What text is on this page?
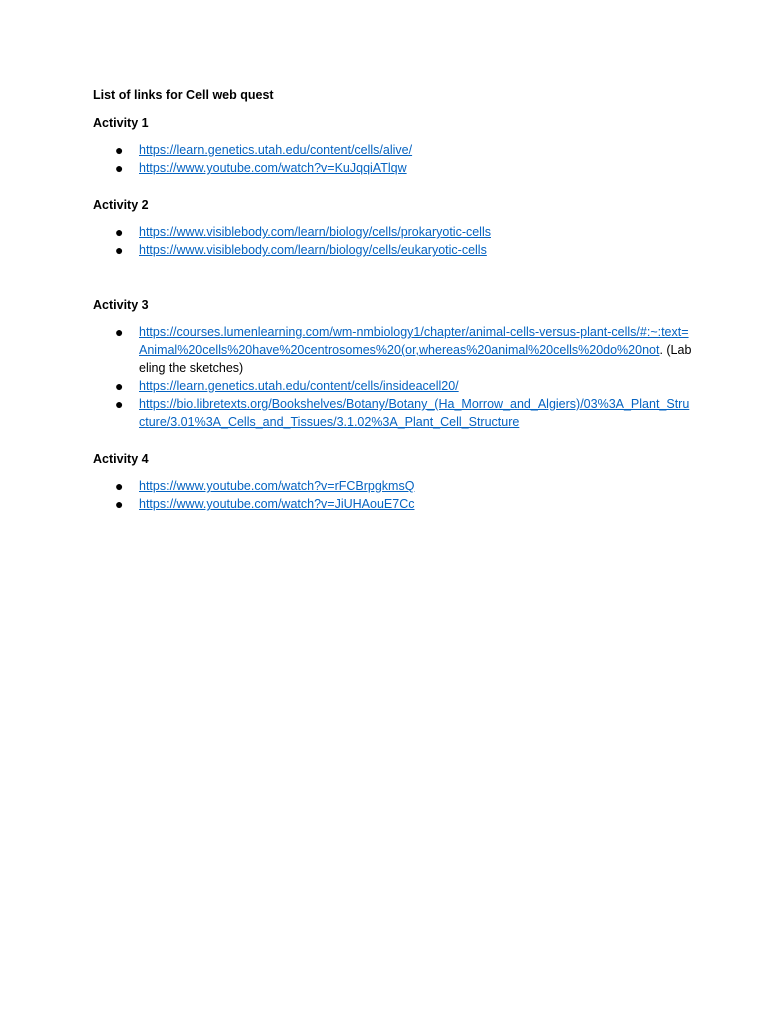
List of links for Cell web quest

Activity 1

● https://learn.genetics.utah.edu/content/cells/alive/
● https://www.youtube.com/watch?v=KuJqqiATlqw

Activity 2

● https://www.visiblebody.com/learn/biology/cells/prokaryotic-cells
● https://www.visiblebody.com/learn/biology/cells/eukaryotic-cells

Activity 3

● https://courses.lumenlearning.com/wm-nmbiology1/chapter/animal-cells-versus-plant-cells/#:~:text=Animal%20cells%20have%20centrosomes%20(or,whereas%20animal%20cells%20do%20not. (Labeling the sketches)
● https://learn.genetics.utah.edu/content/cells/insideacell20/
● https://bio.libretexts.org/Bookshelves/Botany/Botany_(Ha_Morrow_and_Algiers)/03%3A_Plant_Structure/3.01%3A_Cells_and_Tissues/3.1.02%3A_Plant_Cell_Structure

Activity 4

● https://www.youtube.com/watch?v=rFCBrpgkmsQ
● https://www.youtube.com/watch?v=JiUHAouE7Cc
